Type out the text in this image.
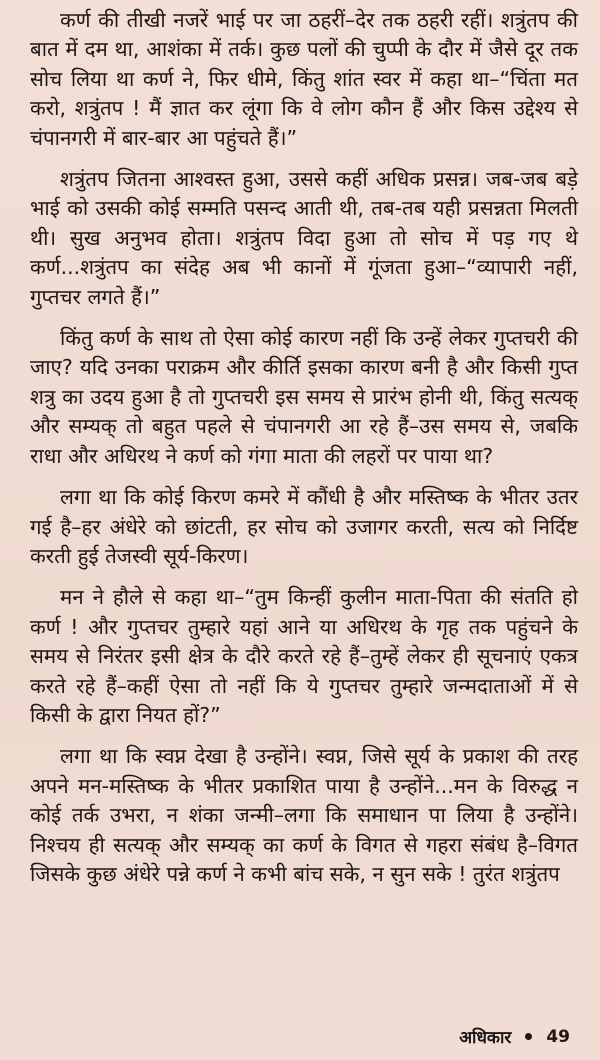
कर्ण की तीखी नजरें भाई पर जा ठहरीं–देर तक ठहरी रहीं। शत्रुंतप की बात में दम था, आशंका में तर्क। कुछ पलों की चुप्पी के दौर में जैसे दूर तक सोच लिया था कर्ण ने, फिर धीमे, किंतु शांत स्वर में कहा था–“चिंता मत करो, शत्रुंतप ! मैं ज्ञात कर लूंगा कि वे लोग कौन हैं और किस उद्देश्य से चंपानगरी में बार-बार आ पहुंचते हैं।”

शत्रुंतप जितना आश्वस्त हुआ, उससे कहीं अधिक प्रसन्न। जब-जब बड़े भाई को उसकी कोई सम्मति पसन्द आती थी, तब-तब यही प्रसन्नता मिलती थी। सुख अनुभव होता। शत्रुंतप विदा हुआ तो सोच में पड़ गए थे कर्ण...शत्रुंतप का संदेह अब भी कानों में गूंजता हुआ–“व्यापारी नहीं, गुप्तचर लगते हैं।”

किंतु कर्ण के साथ तो ऐसा कोई कारण नहीं कि उन्हें लेकर गुप्तचरी की जाए? यदि उनका पराक्रम और कीर्ति इसका कारण बनी है और किसी गुप्त शत्रु का उदय हुआ है तो गुप्तचरी इस समय से प्रारंभ होनी थी, किंतु सत्यक् और सम्यक् तो बहुत पहले से चंपानगरी आ रहे हैं–उस समय से, जबकि राधा और अधिरथ ने कर्ण को गंगा माता की लहरों पर पाया था?

लगा था कि कोई किरण कमरे में कौंधी है और मस्तिष्क के भीतर उतर गई है–हर अंधेरे को छांटती, हर सोच को उजागर करती, सत्य को निर्दिष्ट करती हुई तेजस्वी सूर्य-किरण।

मन ने हौले से कहा था–“तुम किन्हीं कुलीन माता-पिता की संतति हो कर्ण ! और गुप्तचर तुम्हारे यहां आने या अधिरथ के गृह तक पहुंचने के समय से निरंतर इसी क्षेत्र के दौरे करते रहे हैं–तुम्हें लेकर ही सूचनाएं एकत्र करते रहे हैं–कहीं ऐसा तो नहीं कि ये गुप्तचर तुम्हारे जन्मदाताओं में से किसी के द्वारा नियत हों?”

लगा था कि स्वप्न देखा है उन्होंने। स्वप्न, जिसे सूर्य के प्रकाश की तरह अपने मन-मस्तिष्क के भीतर प्रकाशित पाया है उन्होंने...मन के विरुद्ध न कोई तर्क उभरा, न शंका जन्मी–लगा कि समाधान पा लिया है उन्होंने। निश्चय ही सत्यक् और सम्यक् का कर्ण के विगत से गहरा संबंध है–विगत जिसके कुछ अंधेरे पन्ने कर्ण ने कभी बांच सके, न सुन सके ! तुरंत शत्रुंतप

अधिकार 49
